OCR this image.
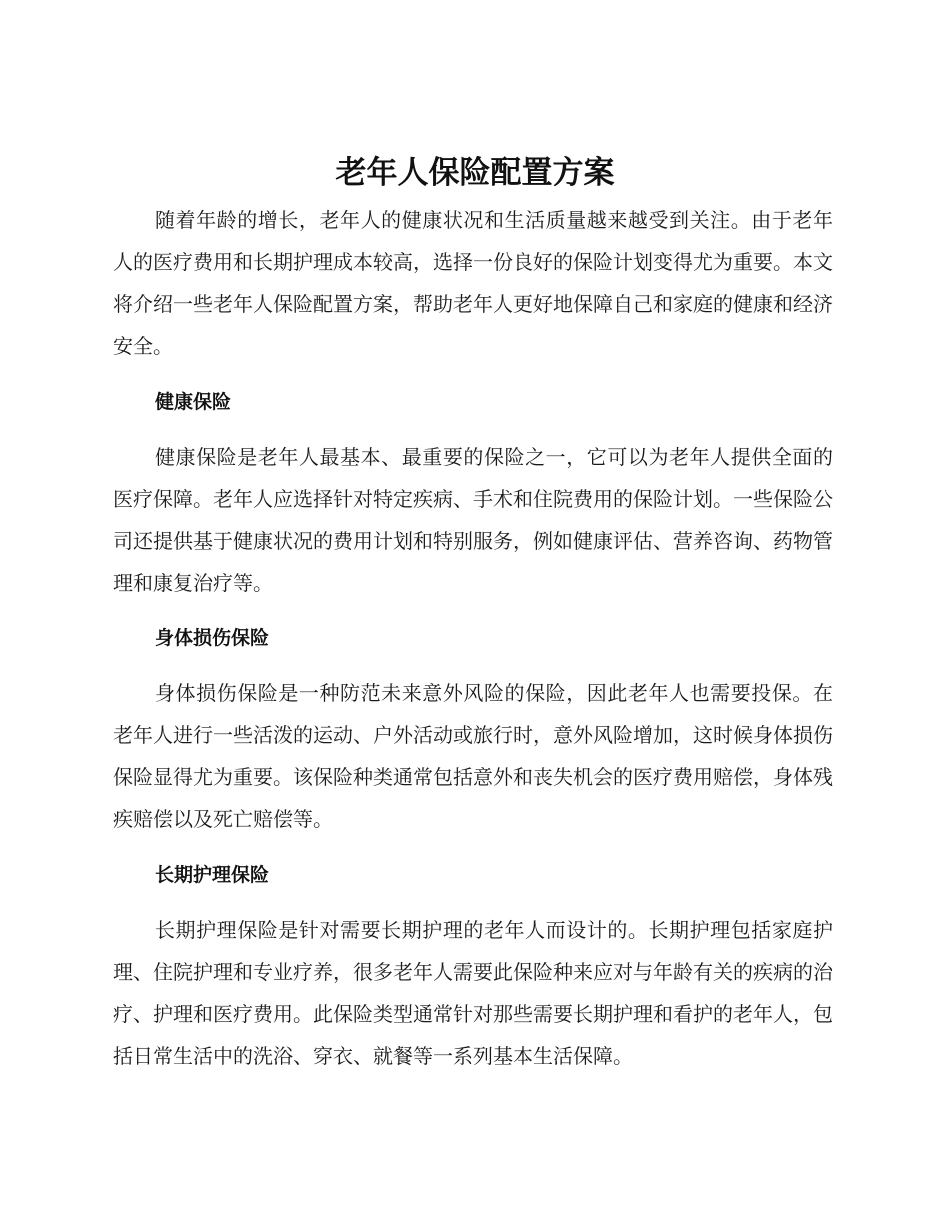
老年人保险配置方案

随着年龄的增长，老年人的健康状况和生活质量越来越受到关注。由于老年人的医疗费用和长期护理成本较高，选择一份良好的保险计划变得尤为重要。本文将介绍一些老年人保险配置方案，帮助老年人更好地保障自己和家庭的健康和经济安全。

健康保险

健康保险是老年人最基本、最重要的保险之一，它可以为老年人提供全面的医疗保障。老年人应选择针对特定疾病、手术和住院费用的保险计划。一些保险公司还提供基于健康状况的费用计划和特别服务，例如健康评估、营养咨询、药物管理和康复治疗等。

身体损伤保险

身体损伤保险是一种防范未来意外风险的保险，因此老年人也需要投保。在老年人进行一些活泼的运动、户外活动或旅行时，意外风险增加，这时候身体损伤保险显得尤为重要。该保险种类通常包括意外和丧失机会的医疗费用赔偿，身体残疾赔偿以及死亡赔偿等。

长期护理保险

长期护理保险是针对需要长期护理的老年人而设计的。长期护理包括家庭护理、住院护理和专业疗养，很多老年人需要此保险种来应对与年龄有关的疾病的治疗、护理和医疗费用。此保险类型通常针对那些需要长期护理和看护的老年人，包括日常生活中的洗浴、穿衣、就餐等一系列基本生活保障。
